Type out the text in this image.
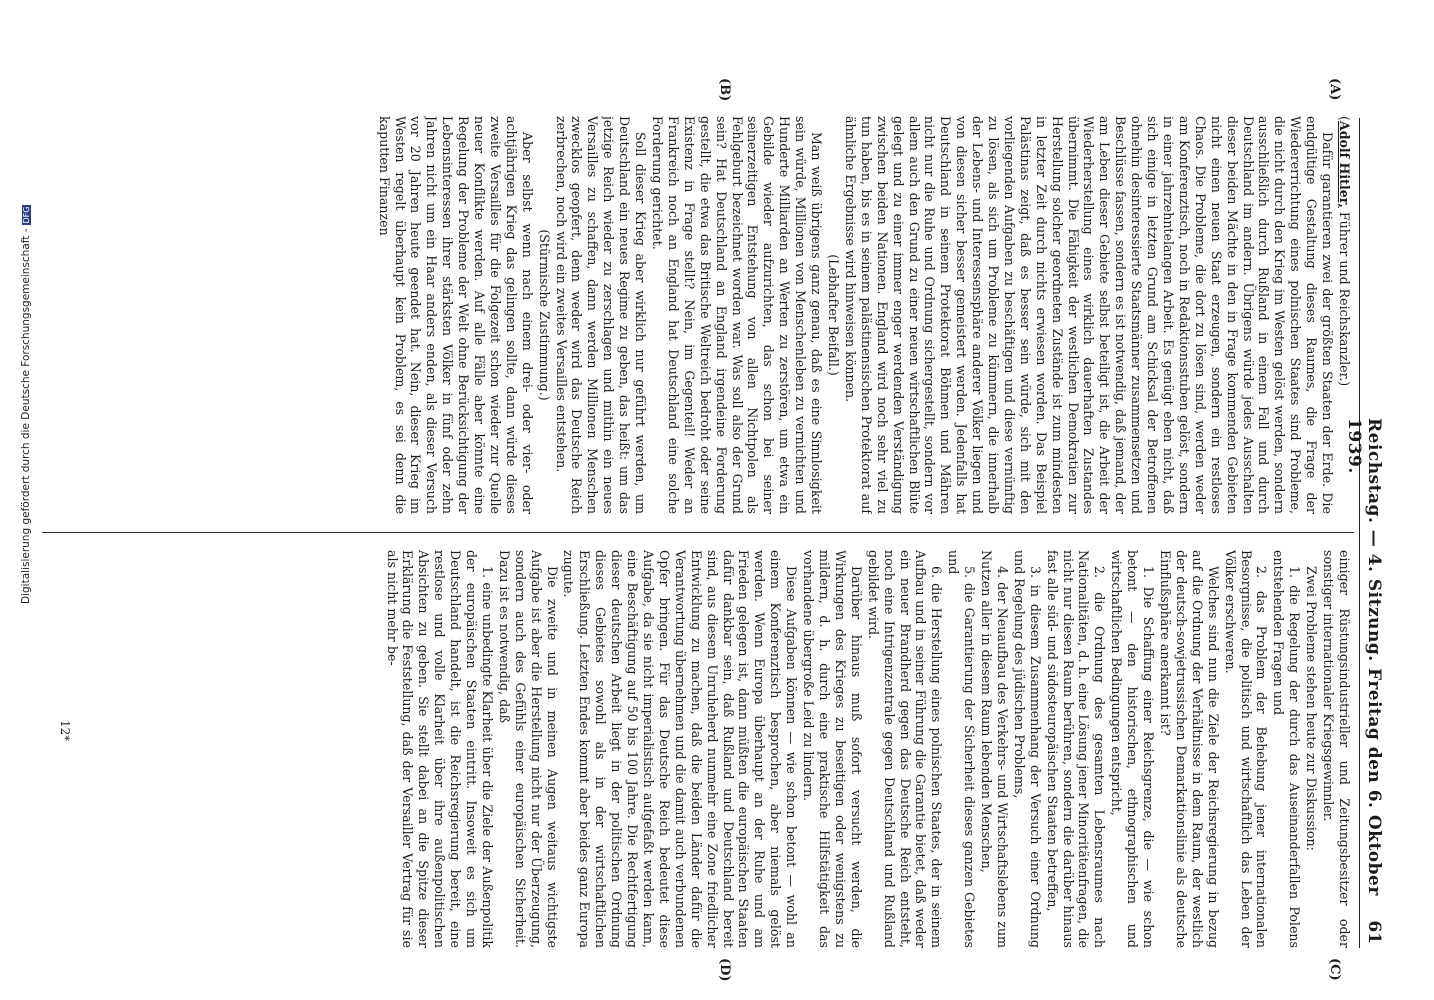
Reichstag. — 4. Sitzung. Freitag den 6. Oktober 1939.
61
(A)
(B)
(C)
(D)

(Adolf Hitler, Führer und Reichskanzler.)

Dafür garantieren zwei der größten Staaten der Erde. Die endgültige Gestaltung dieses Raumes, die Frage der Wiedererrichtung eines polnischen Staates sind Probleme, die nicht durch den Krieg im Westen gelöst werden, sondern ausschließlich durch Rußland in einem Fall und durch Deutschland im andern. Übrigens würde jedes Ausschalten dieser beiden Mächte in den in Frage kommenden Gebieten nicht einen neuen Staat erzeugen, sondern ein restloses Chaos. Die Probleme, die dort zu lösen sind, werden weder am Konferenztisch, noch in Redaktionsstuben gelöst, sondern in einer jahrzehntelangen Arbeit. Es genügt eben nicht, daß sich einige in letzten Grund am Schicksal der Betroffenen ohnehin desinteressierte Staatsmänner zusammensetzen und Beschlüsse fassen, sondern es ist notwendig, daß jemand, der am Leben dieser Gebiete selbst beteiligt ist, die Arbeit der Wiederherstellung eines wirklich dauerhaften Zustandes übernimmt. Die Fähigkeit der westlichen Demokratien zur Herstellung solcher geordneten Zustände ist zum mindesten in letzter Zeit durch nichts erwiesen worden. Das Beispiel Palästinas zeigt, daß es besser sein würde, sich mit den vorliegenden Aufgaben zu beschäftigen und diese vernünftig zu lösen, als sich um Probleme zu kümmern, die innerhalb der Lebens- und Interessensphäre anderer Völker liegen und von diesen sicher besser gemeistert werden. Jedenfalls hat Deutschland in seinem Protektorat Böhmen und Mähren nicht nur die Ruhe und Ordnung sichergestellt, sondern vor allem auch den Grund zu einer neuen wirtschaftlichen Blüte gelegt und zu einer immer enger werdenden Verständigung zwischen beiden Nationen. England wird noch sehr viel zu tun haben, bis es in seinem palästinensischen Protektorat auf ähnliche Ergebnisse wird hinweisen können.

(Lebhafter Beifall.)

Man weiß übrigens ganz genau, daß es eine Sinnlosigkeit sein würde, Millionen von Menschenleben zu vernichten und Hunderte Milliarden an Werten zu zerstören, um etwa ein Gebilde wieder aufzurichten, das schon bei seiner seinerzeitigen Entstehung von allen Nichtpolen als Fehlgeburt bezeichnet worden war. Was soll also der Grund sein? Hat Deutschland an England irgendeine Forderung gestellt, die etwa das Britische Weltreich bedroht oder seine Existenz in Frage stellt? Nein, im Gegenteil! Weder an Frankreich noch an England hat Deutschland eine solche Forderung gerichtet.

Soll dieser Krieg aber wirklich nur geführt werden, um Deutschland ein neues Regime zu geben, das heißt: um das jetzige Reich wieder zu zerschlagen und mithin ein neues Versailles zu schaffen, dann werden Millionen Menschen zwecklos geopfert, denn weder wird das Deutsche Reich zerbrechen, noch wird ein zweites Versailles entstehen.

(Stürmische Zustimmung.)

Aber selbst wenn nach einem drei- oder vier- oder achtjährigen Krieg das gelingen sollte, dann würde dieses zweite Versailles für die Folgezeit schon wieder zur Quelle neuer Konflikte werden. Auf alle Fälle aber könnte eine Regelung der Probleme der Welt ohne Berücksichtigung der Lebensinteressen ihrer stärksten Völker in fünf oder zehn Jahren nicht um ein Haar anders enden, als dieser Versuch vor 20 Jahren heute geendet hat. Nein, dieser Krieg im Westen regelt überhaupt kein Problem, es sei denn die kaputten Finanzen

einiger Rüstungsindustrieller und Zeitungsbesitzer oder sonstiger internationaler Kriegsgewinnler.

Zwei Probleme stehen heute zur Diskussion:

1. die Regelung der durch das Auseinanderfallen Polens entstehenden Fragen und

2. das Problem der Behebung jener internationalen Besorgnisse, die politisch und wirtschaftlich das Leben der Völker erschweren.

Welches sind nun die Ziele der Reichsregierung in bezug auf die Ordnung der Verhältnisse in dem Raum, der westlich der deutsch-sowjetrussischen Demarkationslinie als deutsche Einflußsphäre anerkannt ist?

1. Die Schaffung einer Reichsgrenze, die — wie schon betont — den historischen, ethnographischen und wirtschaftlichen Bedingungen entspricht,

2. die Ordnung des gesamten Lebensraumes nach Nationalitäten, d. h. eine Lösung jener Minoritätenfragen, die nicht nur diesen Raum berühren, sondern die darüber hinaus fast alle süd- und südosteuropäischen Staaten betreffen,

3. in diesem Zusammenhang der Versuch einer Ordnung und Regelung des jüdischen Problems,

4. der Neuaufbau des Verkehrs- und Wirtschaftslebens zum Nutzen aller in diesem Raum lebenden Menschen,

5. die Garantierung der Sicherheit dieses ganzen Gebietes und

6. die Herstellung eines polnischen Staates, der in seinem Aufbau und in seiner Führung die Garantie bietet, daß weder ein neuer Brandherd gegen das Deutsche Reich entsteht, noch eine Intrigenzentrale gegen Deutschland und Rußland gebildet wird.

Darüber hinaus muß sofort versucht werden, die Wirkungen des Krieges zu beseitigen oder wenigstens zu mildern, d. h. durch eine praktische Hilfstätigkeit das vorhandene übergroße Leid zu lindern.

Diese Aufgaben können — wie schon betont — wohl an einem Konferenztisch besprochen, aber niemals gelöst werden. Wenn Europa überhaupt an der Ruhe und am Frieden gelegen ist, dann müßten die europäischen Staaten dafür dankbar sein, daß Rußland und Deutschland bereit sind, aus diesem Unruheherd nunmehr eine Zone friedlicher Entwicklung zu machen, daß die beiden Länder dafür die Verantwortung übernehmen und die damit auch verbundenen Opfer bringen. Für das Deutsche Reich bedeutet diese Aufgabe, da sie nicht imperialistisch aufgefaßt werden kann, eine Beschäftigung auf 50 bis 100 Jahre. Die Rechtfertigung dieser deutschen Arbeit liegt in der politischen Ordnung dieses Gebietes sowohl als in der wirtschaftlichen Erschließung. Letzten Endes kommt aber beides ganz Europa zugute.

Die zweite und in meinen Augen weitaus wichtigste Aufgabe ist aber die Herstellung nicht nur der Überzeugung, sondern auch des Gefühls einer europäischen Sicherheit. Dazu ist es notwendig, daß

1. eine unbedingte Klarheit über die Ziele der Außenpolitik der europäischen Staaten eintritt. Insoweit es sich um Deutschland handelt, ist die Reichsregierung bereit, eine restlose und volle Klarheit über ihre außenpolitischen Absichten zu geben. Sie stellt dabei an die Spitze dieser Erklärung die Feststellung, daß der Versailler Vertrag für sie als nicht mehr be-

12*
Digitalisierung gefördert durch die Deutsche Forschungsgemeinschaft -DFG
